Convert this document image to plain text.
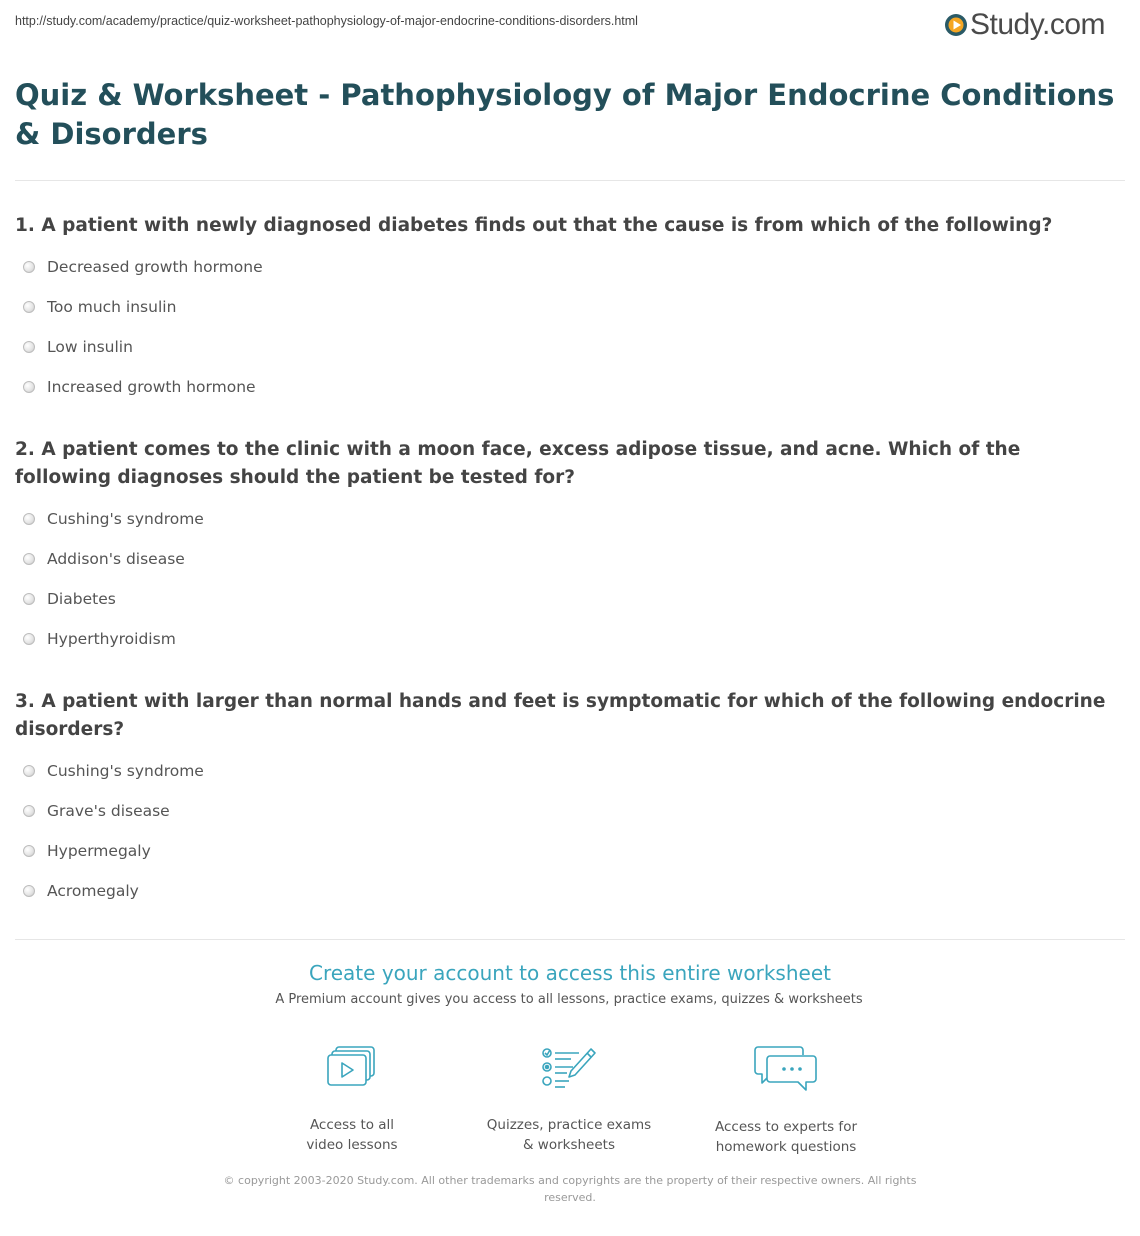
http://study.com/academy/practice/quiz-worksheet-pathophysiology-of-major-endocrine-conditions-disorders.html	Study.com
Quiz & Worksheet - Pathophysiology of Major Endocrine Conditions & Disorders
1. A patient with newly diagnosed diabetes finds out that the cause is from which of the following?
Decreased growth hormone
Too much insulin
Low insulin
Increased growth hormone
2. A patient comes to the clinic with a moon face, excess adipose tissue, and acne. Which of the following diagnoses should the patient be tested for?
Cushing's syndrome
Addison's disease
Diabetes
Hyperthyroidism
3. A patient with larger than normal hands and feet is symptomatic for which of the following endocrine disorders?
Cushing's syndrome
Grave's disease
Hypermegaly
Acromegaly
Create your account to access this entire worksheet
A Premium account gives you access to all lessons, practice exams, quizzes & worksheets
Access to all
video lessons
Quizzes, practice exams
& worksheets
Access to experts for
homework questions
© copyright 2003-2020 Study.com. All other trademarks and copyrights are the property of their respective owners. All rights reserved.
